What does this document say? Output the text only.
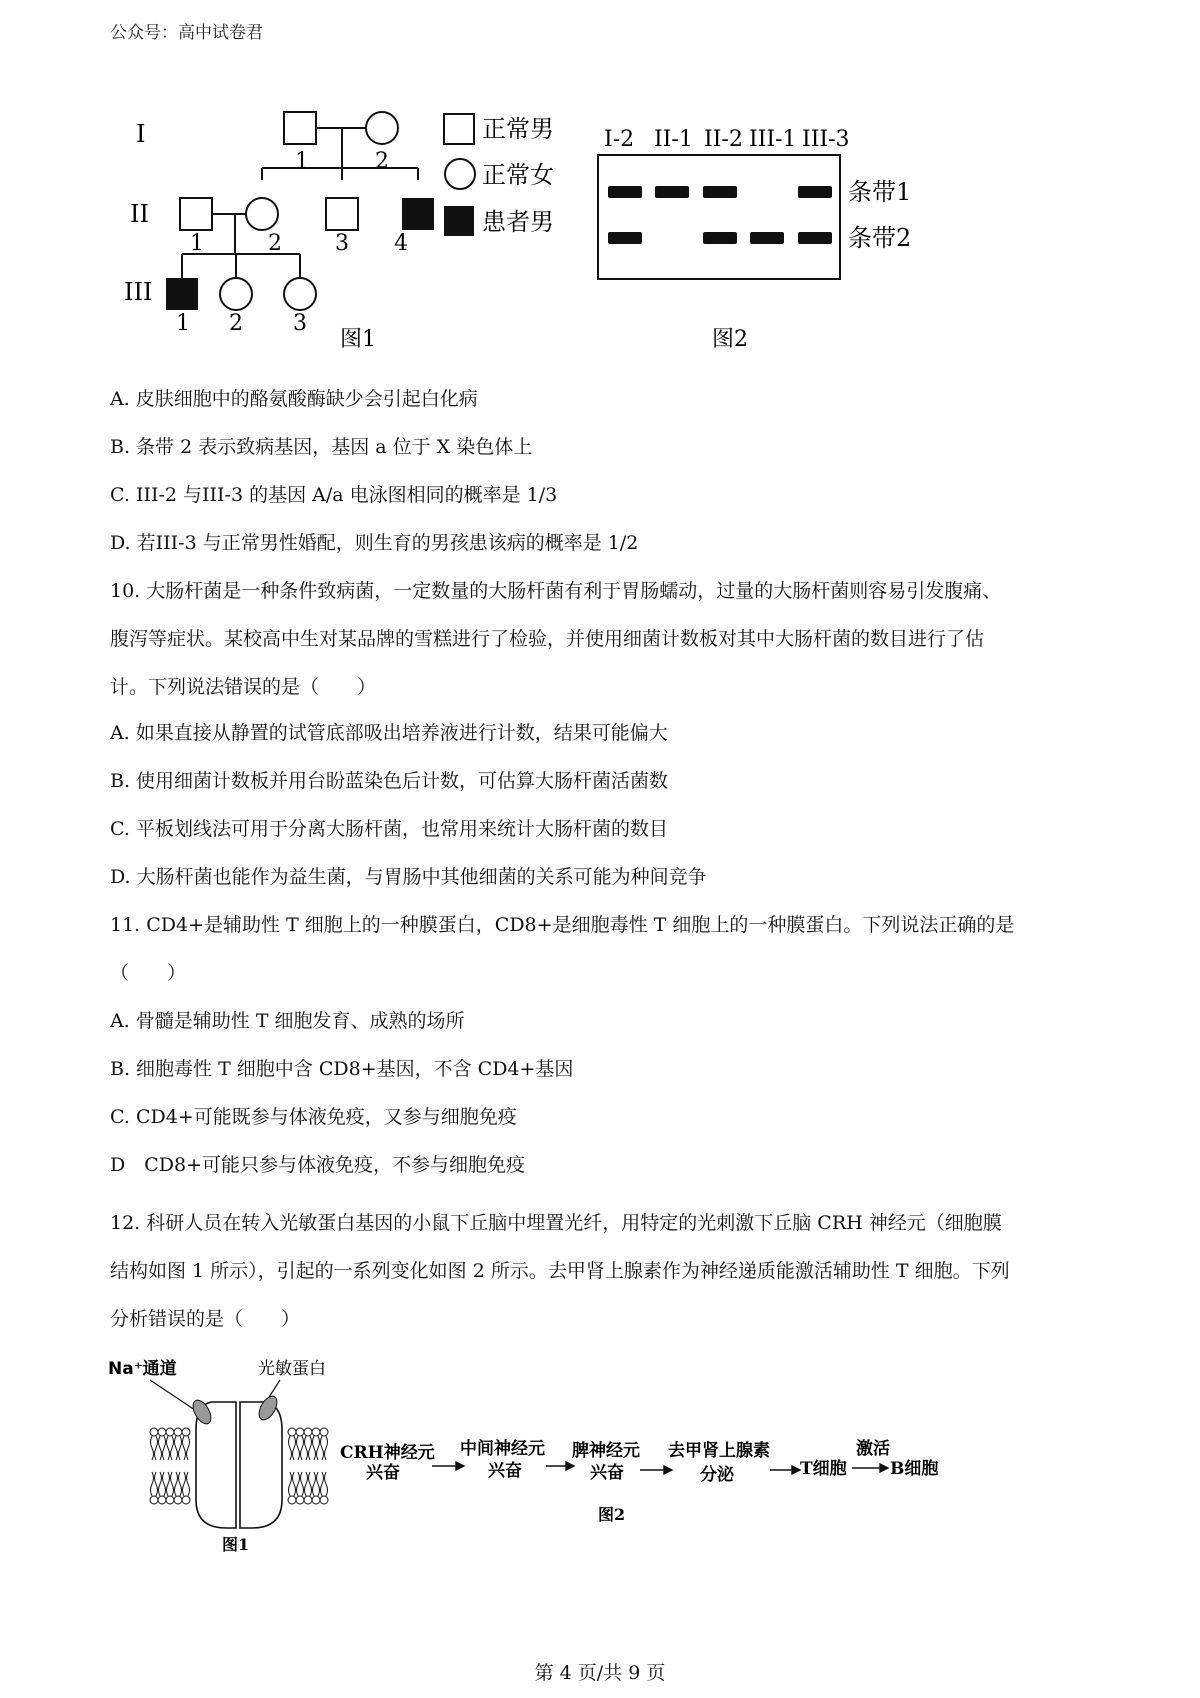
公众号：高中试卷君
I
II
III
1	2
1	2 3 4
1 2 3
正常男
正常女
患者男
图1
I-2 II-1 II-2 III-1 III-3
条带1
条带2
图2
A. 皮肤细胞中的酪氨酸酶缺少会引起白化病
B. 条带 2 表示致病基因，基因 a 位于 X 染色体上
C. III-2 与III-3 的基因 A/a 电泳图相同的概率是 1/3
D. 若III-3 与正常男性婚配，则生育的男孩患该病的概率是 1/2
10. 大肠杆菌是一种条件致病菌，一定数量的大肠杆菌有利于胃肠蠕动，过量的大肠杆菌则容易引发腹痛、
腹泻等症状。某校高中生对某品牌的雪糕进行了检验，并使用细菌计数板对其中大肠杆菌的数目进行了估
计。下列说法错误的是（　　）
A. 如果直接从静置的试管底部吸出培养液进行计数，结果可能偏大
B. 使用细菌计数板并用台盼蓝染色后计数，可估算大肠杆菌活菌数
C. 平板划线法可用于分离大肠杆菌，也常用来统计大肠杆菌的数目
D. 大肠杆菌也能作为益生菌，与胃肠中其他细菌的关系可能为种间竞争
11. CD4+是辅助性 T 细胞上的一种膜蛋白，CD8+是细胞毒性 T 细胞上的一种膜蛋白。下列说法正确的是
（　　）
A. 骨髓是辅助性 T 细胞发育、成熟的场所
B. 细胞毒性 T 细胞中含 CD8+基因，不含 CD4+基因
C. CD4+可能既参与体液免疫，又参与细胞免疫
D　CD8+可能只参与体液免疫，不参与细胞免疫
12. 科研人员在转入光敏蛋白基因的小鼠下丘脑中埋置光纤，用特定的光刺激下丘脑 CRH 神经元（细胞膜
结构如图 1 所示），引起的一系列变化如图 2 所示。去甲肾上腺素作为神经递质能激活辅助性 T 细胞。下列
分析错误的是（　　）
Na⁺通道	光敏蛋白
图1
CRH神经元
兴奋
中间神经元
兴奋
脾神经元
兴奋
去甲肾上腺素
分泌	T细胞
激活
B细胞
图2
第 4 页/共 9 页
